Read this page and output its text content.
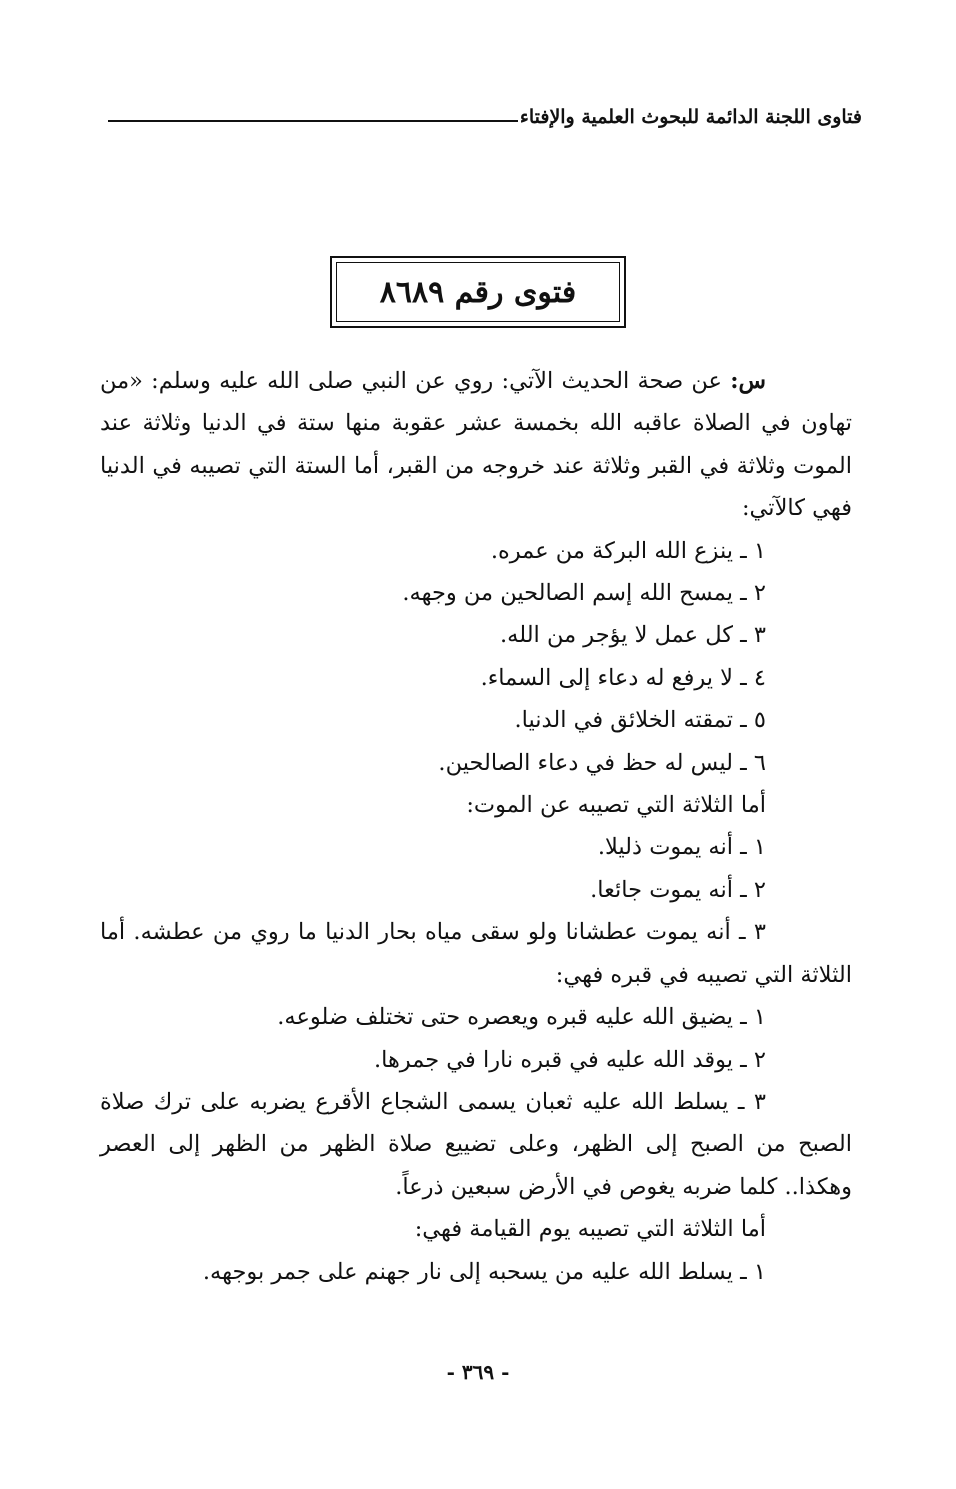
فتاوى اللجنة الدائمة للبحوث العلمية والإفتاء
فتوى رقم ٨٦٨٩

س: عن صحة الحديث الآتي: روي عن النبي صلى الله عليه وسلم: «من تهاون في الصلاة عاقبه الله بخمسة عشر عقوبة منها ستة في الدنيا وثلاثة عند الموت وثلاثة في القبر وثلاثة عند خروجه من القبر، أما الستة التي تصيبه في الدنيا فهي كالآتي:

١ ـ ينزع الله البركة من عمره.

٢ ـ يمسح الله إسم الصالحين من وجهه.

٣ ـ كل عمل لا يؤجر من الله.

٤ ـ لا يرفع له دعاء إلى السماء.

٥ ـ تمقته الخلائق في الدنيا.

٦ ـ ليس له حظ في دعاء الصالحين.

أما الثلاثة التي تصيبه عن الموت:

١ ـ أنه يموت ذليلا.

٢ ـ أنه يموت جائعا.

٣ ـ أنه يموت عطشانا ولو سقى مياه بحار الدنيا ما روي من عطشه. أما الثلاثة التي تصيبه في قبره فهي:

١ ـ يضيق الله عليه قبره ويعصره حتى تختلف ضلوعه.

٢ ـ يوقد الله عليه في قبره نارا في جمرها.

٣ ـ يسلط الله عليه ثعبان يسمى الشجاع الأقرع يضربه على ترك صلاة الصبح من الصبح إلى الظهر، وعلى تضييع صلاة الظهر من الظهر إلى العصر وهكذا.. كلما ضربه يغوص في الأرض سبعين ذرعاً.

أما الثلاثة التي تصيبه يوم القيامة فهي:

١ ـ يسلط الله عليه من يسحبه إلى نار جهنم على جمر بوجهه.

- ٣٦٩ -
